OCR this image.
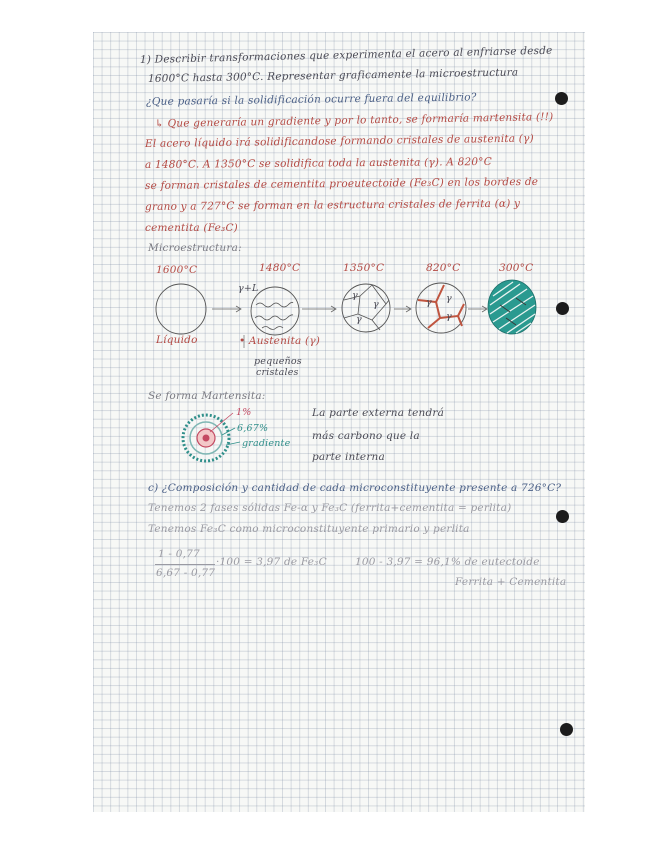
1) Describir transformaciones que experimenta el acero al enfriarse desde
1600°C hasta 300°C. Representar graficamente la microestructura
¿Que pasaría si la solidificación ocurre fuera del equilibrio?
↳ Que generaría un gradiente y por lo tanto, se formaría martensita (!!)
El acero líquido irá solidificandose formando cristales de austenita (γ)
a 1480°C. A 1350°C se solidifica toda la austenita (γ). A 820°C
se forman cristales de cementita proeutectoide (Fe₃C) en los bordes de
grano y a 727°C se forman en la estructura cristales de ferrita (α) y
cementita (Fe₃C)
Microestructura:
1600°C	1480°C	1350°C	820°C	300°C
γ+L
Líquido	• Austenita (γ)
pequeños
cristales
γ
γ
γ
γ γ
γ
Se forma Martensita:
1%
6,67%
gradiente
La parte externa tendrá
más carbono que la
parte interna
c) ¿Composición y cantidad de cada microconstituyente presente a 726°C?
Tenemos 2 fases sólidas Fe-α y Fe₃C (ferrita+cementita = perlita)
Tenemos Fe₃C como microconstituyente primario y perlita
1 - 0,77
6,67 - 0,77
·100 = 3,97 de Fe₃C	100 - 3,97 = 96,1% de eutectoide
Ferrita + Cementita
